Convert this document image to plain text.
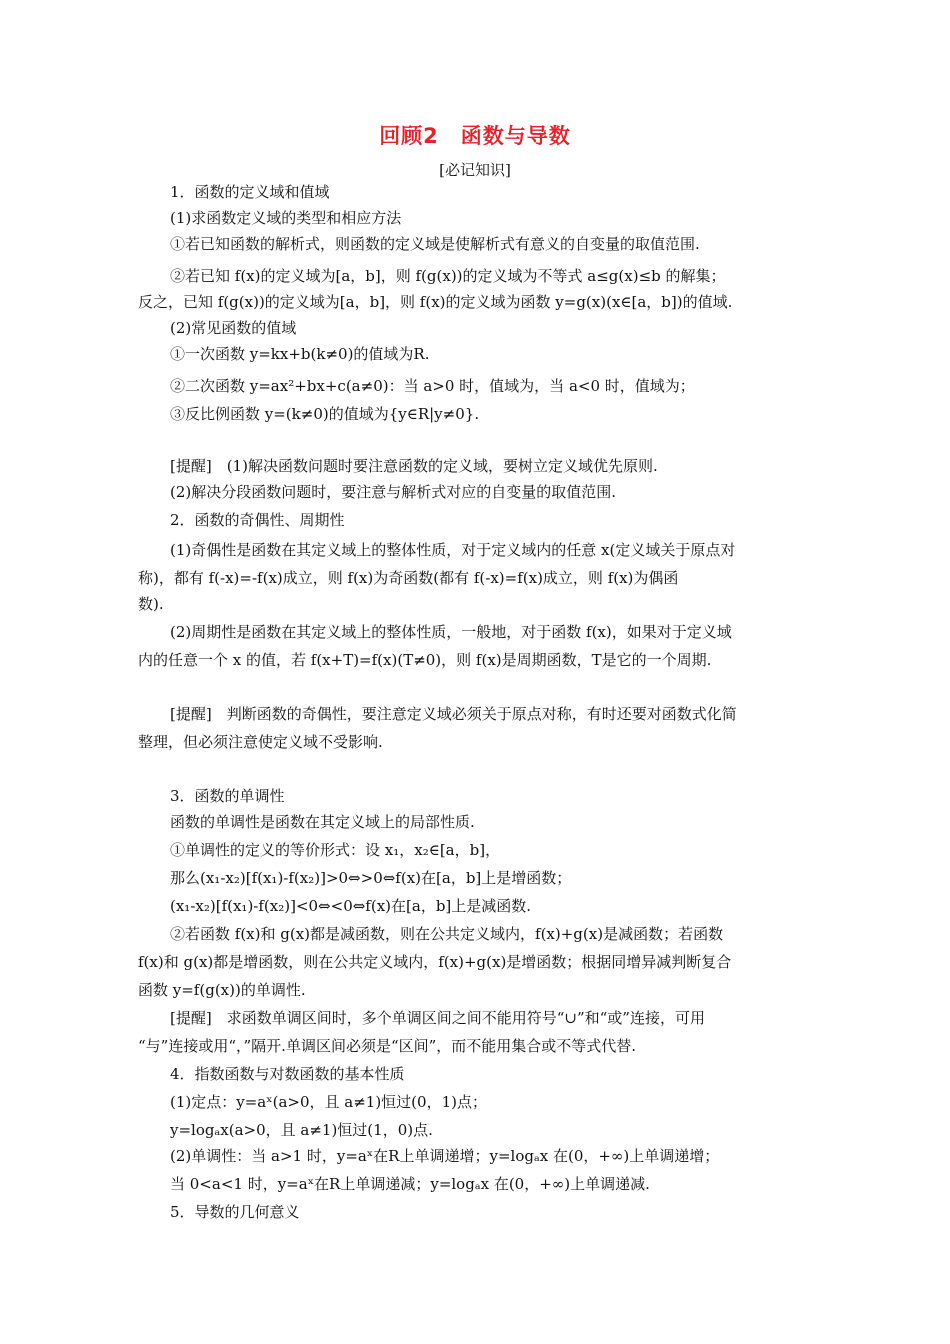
回顾2　函数与导数
[必记知识]
1．函数的定义域和值域
(1)求函数定义域的类型和相应方法
①若已知函数的解析式，则函数的定义域是使解析式有意义的自变量的取值范围.
②若已知 f(x)的定义域为[a，b]，则 f(g(x))的定义域为不等式 a≤g(x)≤b 的解集；
反之，已知 f(g(x))的定义域为[a，b]，则 f(x)的定义域为函数 y=g(x)(x∈[a，b])的值域.
(2)常见函数的值域
①一次函数 y=kx+b(k≠0)的值域为R.
②二次函数 y=ax²+bx+c(a≠0)：当 a>0 时，值域为，当 a<0 时，值域为；
③反比例函数 y=(k≠0)的值域为{y∈R|y≠0}.
[提醒]　(1)解决函数问题时要注意函数的定义域，要树立定义域优先原则.
(2)解决分段函数问题时，要注意与解析式对应的自变量的取值范围.
2．函数的奇偶性、周期性
(1)奇偶性是函数在其定义域上的整体性质，对于定义域内的任意 x(定义域关于原点对
称)，都有 f(-x)=-f(x)成立，则 f(x)为奇函数(都有 f(-x)=f(x)成立，则 f(x)为偶函
数).
(2)周期性是函数在其定义域上的整体性质，一般地，对于函数 f(x)，如果对于定义域
内的任意一个 x 的值，若 f(x+T)=f(x)(T≠0)，则 f(x)是周期函数，T是它的一个周期.
[提醒]　判断函数的奇偶性，要注意定义域必须关于原点对称，有时还要对函数式化简
整理，但必须注意使定义域不受影响.
3．函数的单调性
函数的单调性是函数在其定义域上的局部性质.
①单调性的定义的等价形式：设 x₁，x₂∈[a，b]，
那么(x₁-x₂)[f(x₁)-f(x₂)]>0⇔>0⇔f(x)在[a，b]上是增函数；
(x₁-x₂)[f(x₁)-f(x₂)]<0⇔<0⇔f(x)在[a，b]上是减函数.
②若函数 f(x)和 g(x)都是减函数，则在公共定义域内，f(x)+g(x)是减函数；若函数
f(x)和 g(x)都是增函数，则在公共定义域内，f(x)+g(x)是增函数；根据同增异减判断复合
函数 y=f(g(x))的单调性.
[提醒]　求函数单调区间时，多个单调区间之间不能用符号“∪”和“或”连接，可用
“与”连接或用“，”隔开.单调区间必须是“区间”，而不能用集合或不等式代替.
4．指数函数与对数函数的基本性质
(1)定点：y=aˣ(a>0，且 a≠1)恒过(0，1)点；
y=logₐx(a>0，且 a≠1)恒过(1，0)点.
(2)单调性：当 a>1 时，y=aˣ在R上单调递增；y=logₐx 在(0，+∞)上单调递增；
当 0<a<1 时，y=aˣ在R上单调递减；y=logₐx 在(0，+∞)上单调递减.
5．导数的几何意义
